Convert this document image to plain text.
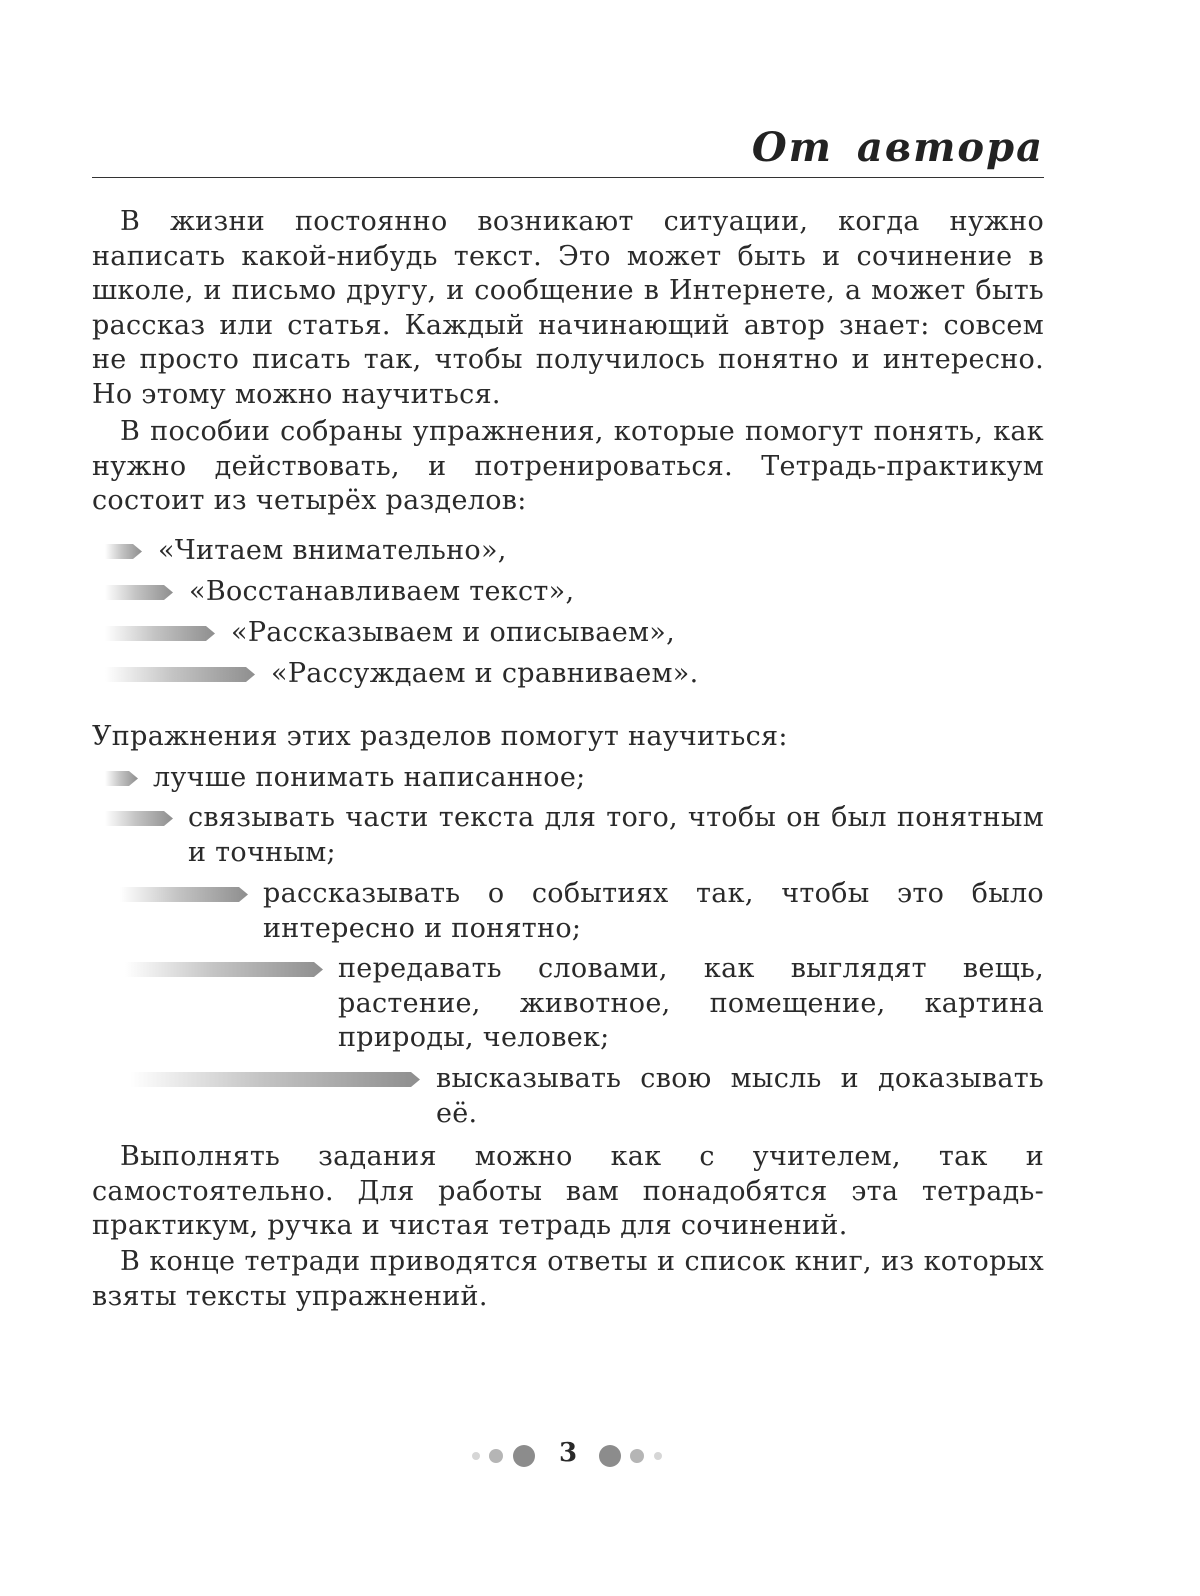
От автора

В жизни постоянно возникают ситуации, когда нужно написать какой-нибудь текст. Это может быть и сочинение в школе, и письмо другу, и сообщение в Интернете, а может быть рассказ или статья. Каждый начинающий автор знает: совсем не просто писать так, чтобы получилось понятно и интересно. Но этому можно научиться.

В пособии собраны упражнения, которые помогут понять, как нужно действовать, и потренироваться. Тетрадь-практикум состоит из четырёх разделов:

«Читаем внимательно»,

«Восстанавливаем текст»,

«Рассказываем и описываем»,

«Рассуждаем и сравниваем».

Упражнения этих разделов помогут научиться:

лучше понимать написанное;

связывать части текста для того, чтобы он был понятным и точным;

рассказывать о событиях так, чтобы это было интересно и понятно;

передавать словами, как выглядят вещь, растение, животное, помещение, картина природы, человек;

высказывать свою мысль и доказывать её.

Выполнять задания можно как с учителем, так и самостоятельно. Для работы вам понадобятся эта тетрадь-практикум, ручка и чистая тетрадь для сочинений.

В конце тетради приводятся ответы и список книг, из которых взяты тексты упражнений.

3
